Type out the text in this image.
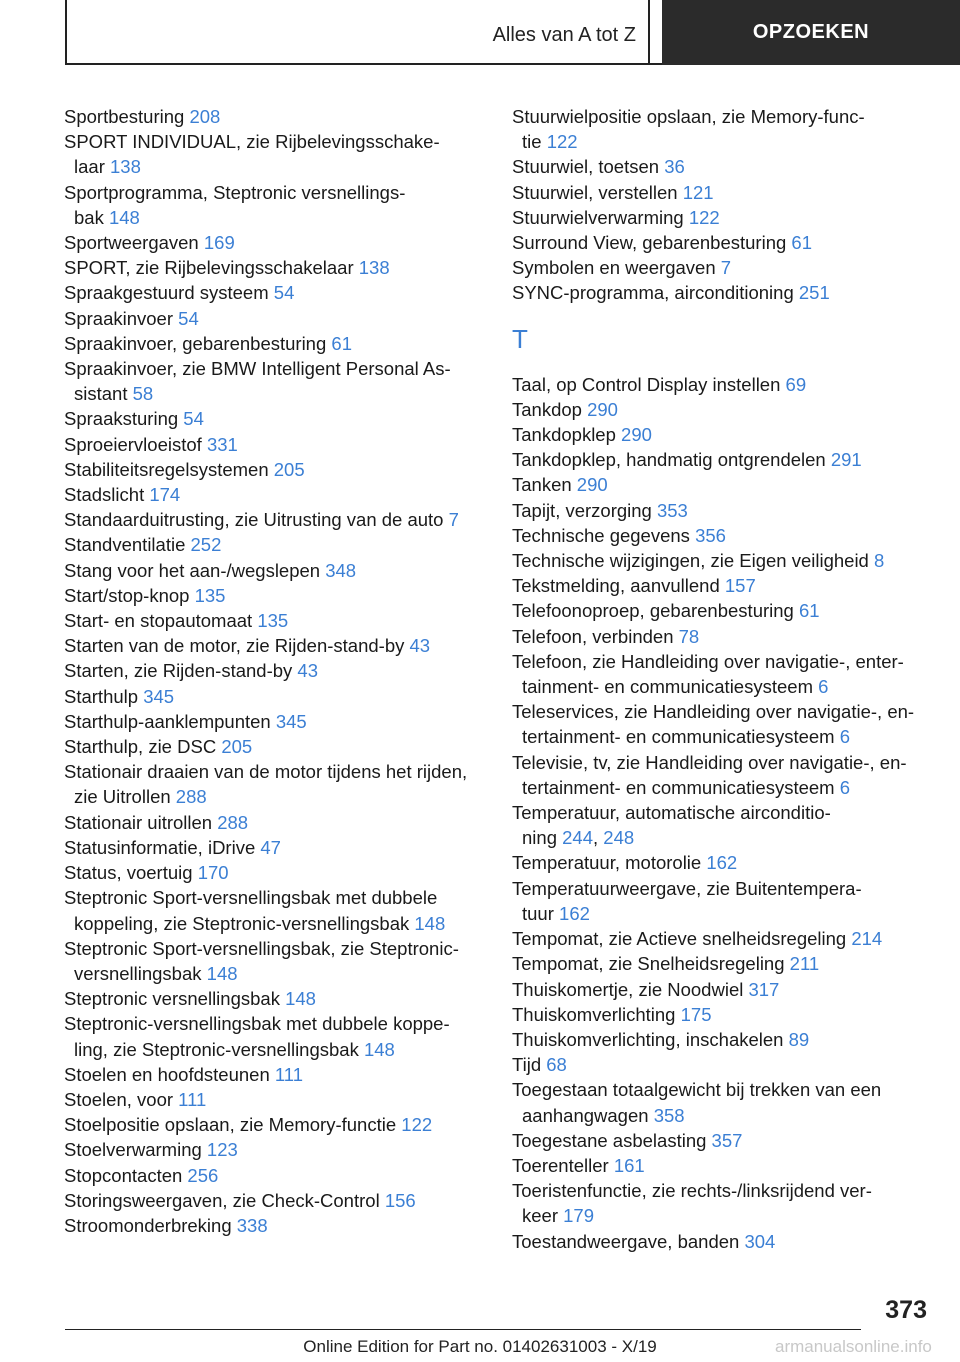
Alles van A tot Z	OPZOEKEN
Sportbesturing 208
SPORT INDIVIDUAL, zie Rijbelevingsschake-
laar 138
Sportprogramma, Steptronic versnellings-
bak 148
Sportweergaven 169
SPORT, zie Rijbelevingsschakelaar 138
Spraakgestuurd systeem 54
Spraakinvoer 54
Spraakinvoer, gebarenbesturing 61
Spraakinvoer, zie BMW Intelligent Personal As-
sistant 58
Spraaksturing 54
Sproeiervloeistof 331
Stabiliteitsregelsystemen 205
Stadslicht 174
Standaarduitrusting, zie Uitrusting van de auto 7
Standventilatie 252
Stang voor het aan-/wegslepen 348
Start/stop-knop 135
Start- en stopautomaat 135
Starten van de motor, zie Rijden-stand-by 43
Starten, zie Rijden-stand-by 43
Starthulp 345
Starthulp-aanklempunten 345
Starthulp, zie DSC 205
Stationair draaien van de motor tijdens het rijden,
zie Uitrollen 288
Stationair uitrollen 288
Statusinformatie, iDrive 47
Status, voertuig 170
Steptronic Sport-versnellingsbak met dubbele
koppeling, zie Steptronic-versnellingsbak 148
Steptronic Sport-versnellingsbak, zie Steptronic-
versnellingsbak 148
Steptronic versnellingsbak 148
Steptronic-versnellingsbak met dubbele koppe-
ling, zie Steptronic-versnellingsbak 148
Stoelen en hoofdsteunen 111
Stoelen, voor 111
Stoelpositie opslaan, zie Memory-functie 122
Stoelverwarming 123
Stopcontacten 256
Storingsweergaven, zie Check-Control 156
Stroomonderbreking 338
Stuurwielpositie opslaan, zie Memory-func-
tie 122
Stuurwiel, toetsen 36
Stuurwiel, verstellen 121
Stuurwielverwarming 122
Surround View, gebarenbesturing 61
Symbolen en weergaven 7
SYNC-programma, airconditioning 251
T
Taal, op Control Display instellen 69
Tankdop 290
Tankdopklep 290
Tankdopklep, handmatig ontgrendelen 291
Tanken 290
Tapijt, verzorging 353
Technische gegevens 356
Technische wijzigingen, zie Eigen veiligheid 8
Tekstmelding, aanvullend 157
Telefoonoproep, gebarenbesturing 61
Telefoon, verbinden 78
Telefoon, zie Handleiding over navigatie-, enter-
tainment- en communicatiesysteem 6
Teleservices, zie Handleiding over navigatie-, en-
tertainment- en communicatiesysteem 6
Televisie, tv, zie Handleiding over navigatie-, en-
tertainment- en communicatiesysteem 6
Temperatuur, automatische airconditio-
ning 244, 248
Temperatuur, motorolie 162
Temperatuurweergave, zie Buitentempera-
tuur 162
Tempomat, zie Actieve snelheidsregeling 214
Tempomat, zie Snelheidsregeling 211
Thuiskomertje, zie Noodwiel 317
Thuiskomverlichting 175
Thuiskomverlichting, inschakelen 89
Tijd 68
Toegestaan totaalgewicht bij trekken van een
aanhangwagen 358
Toegestane asbelasting 357
Toerenteller 161
Toeristenfunctie, zie rechts-/linksrijdend ver-
keer 179
Toestandweergave, banden 304
373
Online Edition for Part no. 01402631003 - X/19	armanualsonline.info
